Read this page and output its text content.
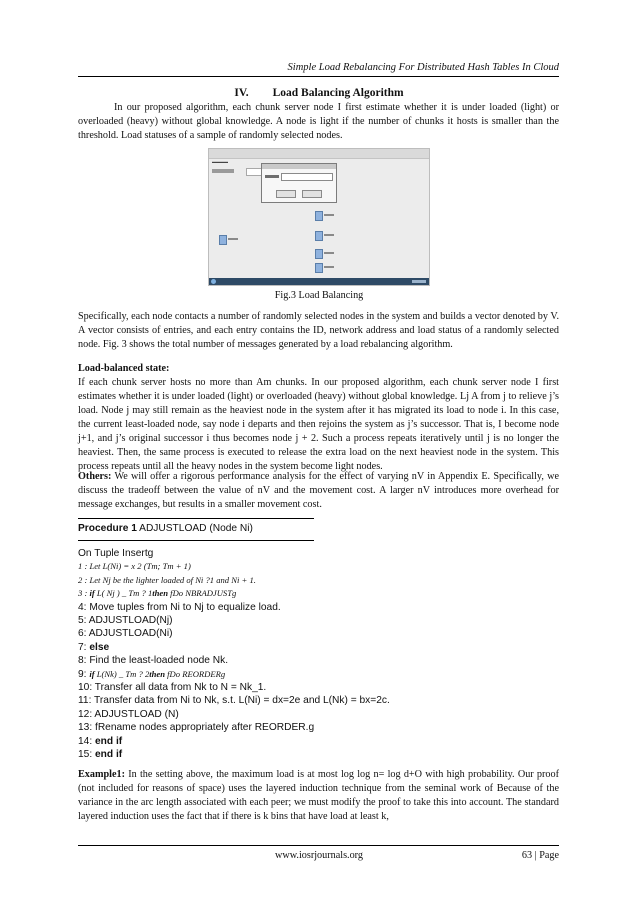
Simple Load Rebalancing For Distributed Hash Tables In Cloud
IV. Load Balancing Algorithm

In our proposed algorithm, each chunk server node I first estimate whether it is under loaded (light) or overloaded (heavy) without global knowledge. A node is light if the number of chunks it hosts is smaller than the threshold. Load statuses of a sample of randomly selected nodes.

▬▬▬▬
Fig.3 Load Balancing

Specifically, each node contacts a number of randomly selected nodes in the system and builds a vector denoted by V. A vector consists of entries, and each entry contains the ID, network address and load status of a randomly selected node. Fig. 3 shows the total number of messages generated by a load rebalancing algorithm.

Load-balanced state:

If each chunk server hosts no more than Am chunks. In our proposed algorithm, each chunk server node I first estimates whether it is under loaded (light) or overloaded (heavy) without global knowledge. Lj A from j to relieve j’s load. Node j may still remain as the heaviest node in the system after it has migrated its load to node i. In this case, the current least-loaded node, say node i departs and then rejoins the system as j’s successor. That is, I become node j+1, and j’s original successor i thus becomes node j + 2. Such a process repeats iteratively until j is no longer the heaviest. Then, the same process is executed to release the extra load on the next heaviest node in the system. This process repeats until all the heavy nodes in the system become light nodes.

Others: We will offer a rigorous performance analysis for the effect of varying nV in Appendix E. Specifically, we discuss the tradeoff between the value of nV and the movement cost. A larger nV introduces more overhead for message exchanges, but results in a smaller movement cost.

Procedure 1 ADJUSTLOAD (Node Ni)
On Tuple Insertg
1 : Let L(Ni) = x 2 (Tm; Tm + 1)
2 : Let Nj be the lighter loaded of Ni ?1 and Ni + 1.
3 : if L( Nj ) _ Tm ? 1then fDo NBRADJUSTg
4: Move tuples from Ni to Nj to equalize load.
5: ADJUSTLOAD(Nj)
6: ADJUSTLOAD(Ni)
7: else
8: Find the least-loaded node Nk.
9: if L(Nk) _ Tm ? 2then fDo REORDERg
10: Transfer all data from Nk to N = Nk_1.
11: Transfer data from Ni to Nk, s.t. L(Ni) = dx=2e and L(Nk) = bx=2c.
12: ADJUSTLOAD (N)
13: fRename nodes appropriately after REORDER.g
14: end if
15: end if

Example1: In the setting above, the maximum load is at most log log n= log d+O with high probability. Our proof (not included for reasons of space) uses the layered induction technique from the seminal work of Because of the variance in the arc length associated with each peer; we must modify the proof to take this into account. The standard layered induction uses the fact that if there is k bins that have load at least k,

www.iosrjournals.org	63 | Page
